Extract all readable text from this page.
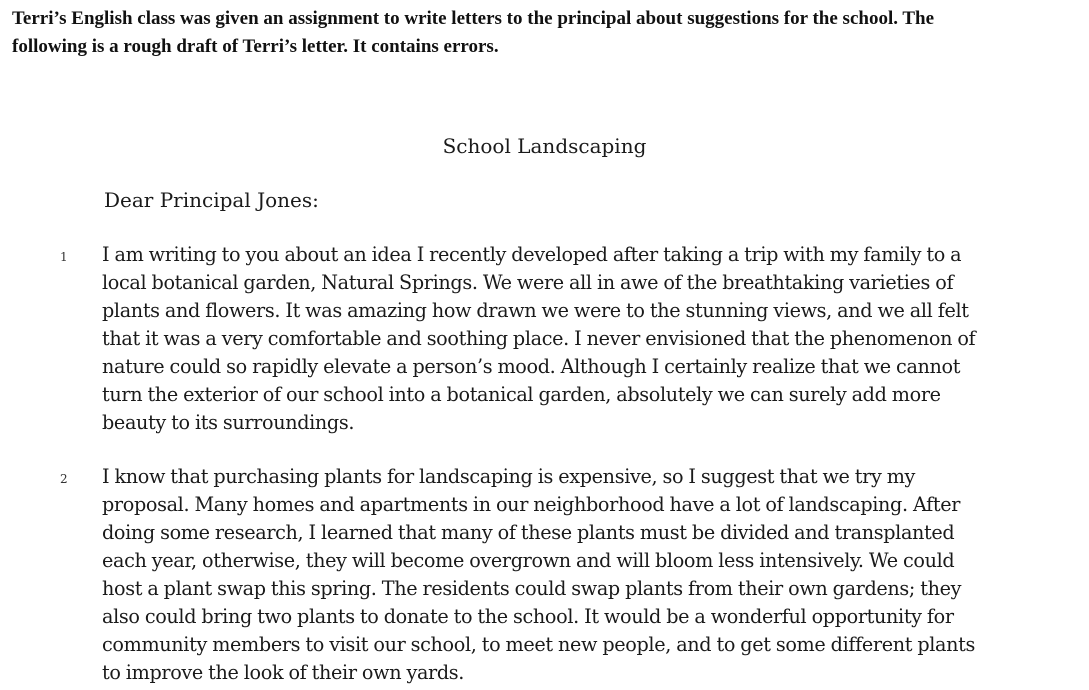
Terri’s English class was given an assignment to write letters to the principal about suggestions for the school. The
following is a rough draft of Terri’s letter. It contains errors.
School Landscaping
Dear Principal Jones:
1 I am writing to you about an idea I recently developed after taking a trip with my family to a
local botanical garden, Natural Springs. We were all in awe of the breathtaking varieties of
plants and flowers. It was amazing how drawn we were to the stunning views, and we all felt
that it was a very comfortable and soothing place. I never envisioned that the phenomenon of
nature could so rapidly elevate a person’s mood. Although I certainly realize that we cannot
turn the exterior of our school into a botanical garden, absolutely we can surely add more
beauty to its surroundings.
2 I know that purchasing plants for landscaping is expensive, so I suggest that we try my
proposal. Many homes and apartments in our neighborhood have a lot of landscaping. After
doing some research, I learned that many of these plants must be divided and transplanted
each year, otherwise, they will become overgrown and will bloom less intensively. We could
host a plant swap this spring. The residents could swap plants from their own gardens; they
also could bring two plants to donate to the school. It would be a wonderful opportunity for
community members to visit our school, to meet new people, and to get some different plants
to improve the look of their own yards.
